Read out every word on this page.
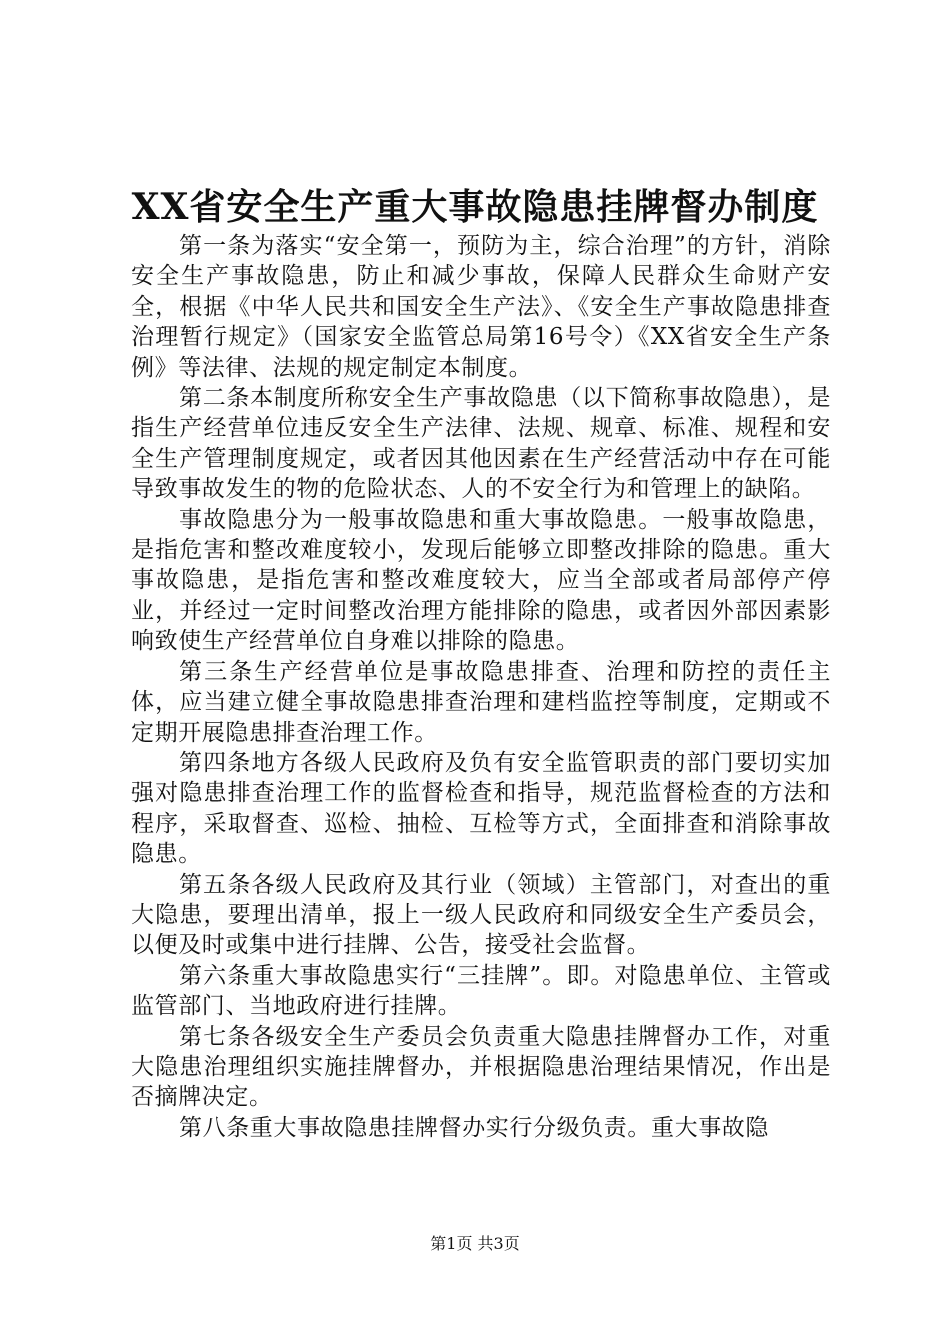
XX省安全生产重大事故隐患挂牌督办制度

第一条为落实“安全第一，预防为主，综合治理”的方针，消除安全生产事故隐患，防止和减少事故，保障人民群众生命财产安全，根据《中华人民共和国安全生产法》、《安全生产事故隐患排查治理暂行规定》（国家安全监管总局第16号令）《XX省安全生产条例》等法律、法规的规定制定本制度。

第二条本制度所称安全生产事故隐患（以下简称事故隐患），是指生产经营单位违反安全生产法律、法规、规章、标准、规程和安全生产管理制度规定，或者因其他因素在生产经营活动中存在可能导致事故发生的物的危险状态、人的不安全行为和管理上的缺陷。

事故隐患分为一般事故隐患和重大事故隐患。一般事故隐患，是指危害和整改难度较小，发现后能够立即整改排除的隐患。重大事故隐患，是指危害和整改难度较大，应当全部或者局部停产停业，并经过一定时间整改治理方能排除的隐患，或者因外部因素影响致使生产经营单位自身难以排除的隐患。

第三条生产经营单位是事故隐患排查、治理和防控的责任主体，应当建立健全事故隐患排查治理和建档监控等制度，定期或不定期开展隐患排查治理工作。

第四条地方各级人民政府及负有安全监管职责的部门要切实加强对隐患排查治理工作的监督检查和指导，规范监督检查的方法和程序，采取督查、巡检、抽检、互检等方式，全面排查和消除事故隐患。

第五条各级人民政府及其行业（领域）主管部门，对查出的重大隐患，要理出清单，报上一级人民政府和同级安全生产委员会，以便及时或集中进行挂牌、公告，接受社会监督。

第六条重大事故隐患实行“三挂牌”。即。对隐患单位、主管或监管部门、当地政府进行挂牌。

第七条各级安全生产委员会负责重大隐患挂牌督办工作，对重大隐患治理组织实施挂牌督办，并根据隐患治理结果情况，作出是否摘牌决定。

第八条重大事故隐患挂牌督办实行分级负责。重大事故隐

第1页 共3页
